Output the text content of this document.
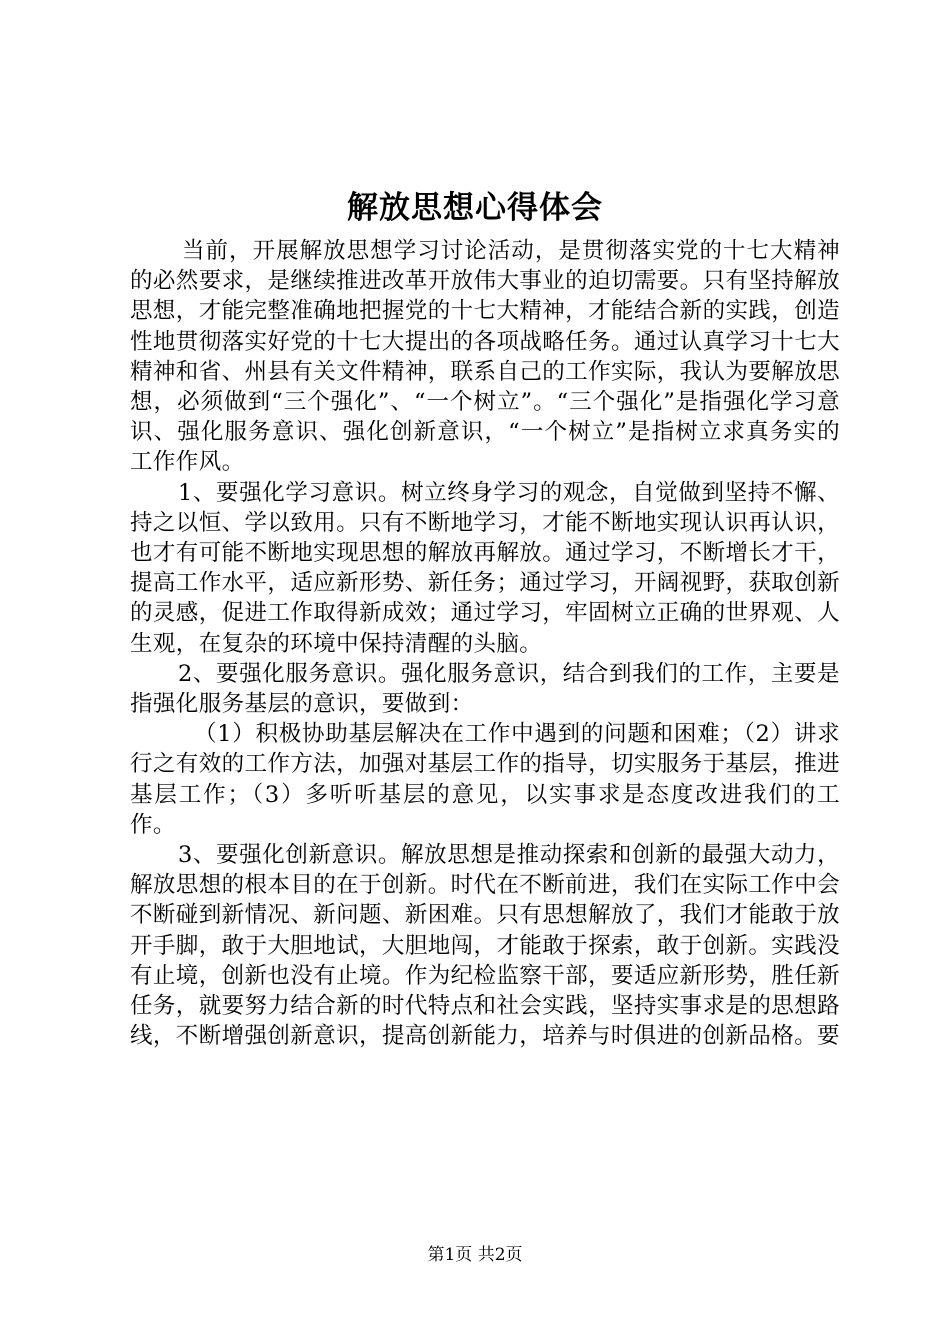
解放思想心得体会

当前，开展解放思想学习讨论活动，是贯彻落实党的十七大精神的必然要求，是继续推进改革开放伟大事业的迫切需要。只有坚持解放思想，才能完整准确地把握党的十七大精神，才能结合新的实践，创造性地贯彻落实好党的十七大提出的各项战略任务。通过认真学习十七大精神和省、州县有关文件精神，联系自己的工作实际，我认为要解放思想，必须做到“三个强化”、“一个树立”。“三个强化”是指强化学习意识、强化服务意识、强化创新意识，“一个树立”是指树立求真务实的工作作风。

1、要强化学习意识。树立终身学习的观念，自觉做到坚持不懈、持之以恒、学以致用。只有不断地学习，才能不断地实现认识再认识，也才有可能不断地实现思想的解放再解放。通过学习，不断增长才干，提高工作水平，适应新形势、新任务；通过学习，开阔视野，获取创新的灵感，促进工作取得新成效；通过学习，牢固树立正确的世界观、人生观，在复杂的环境中保持清醒的头脑。

2、要强化服务意识。强化服务意识，结合到我们的工作，主要是指强化服务基层的意识，要做到：

（1）积极协助基层解决在工作中遇到的问题和困难；（2）讲求行之有效的工作方法，加强对基层工作的指导，切实服务于基层，推进基层工作；（3）多听听基层的意见，以实事求是态度改进我们的工作。

3、要强化创新意识。解放思想是推动探索和创新的最强大动力，解放思想的根本目的在于创新。时代在不断前进，我们在实际工作中会不断碰到新情况、新问题、新困难。只有思想解放了，我们才能敢于放开手脚，敢于大胆地试，大胆地闯，才能敢于探索，敢于创新。实践没有止境，创新也没有止境。作为纪检监察干部，要适应新形势，胜任新任务，就要努力结合新的时代特点和社会实践，坚持实事求是的思想路线，不断增强创新意识，提高创新能力，培养与时俱进的创新品格。要

第1页 共2页
